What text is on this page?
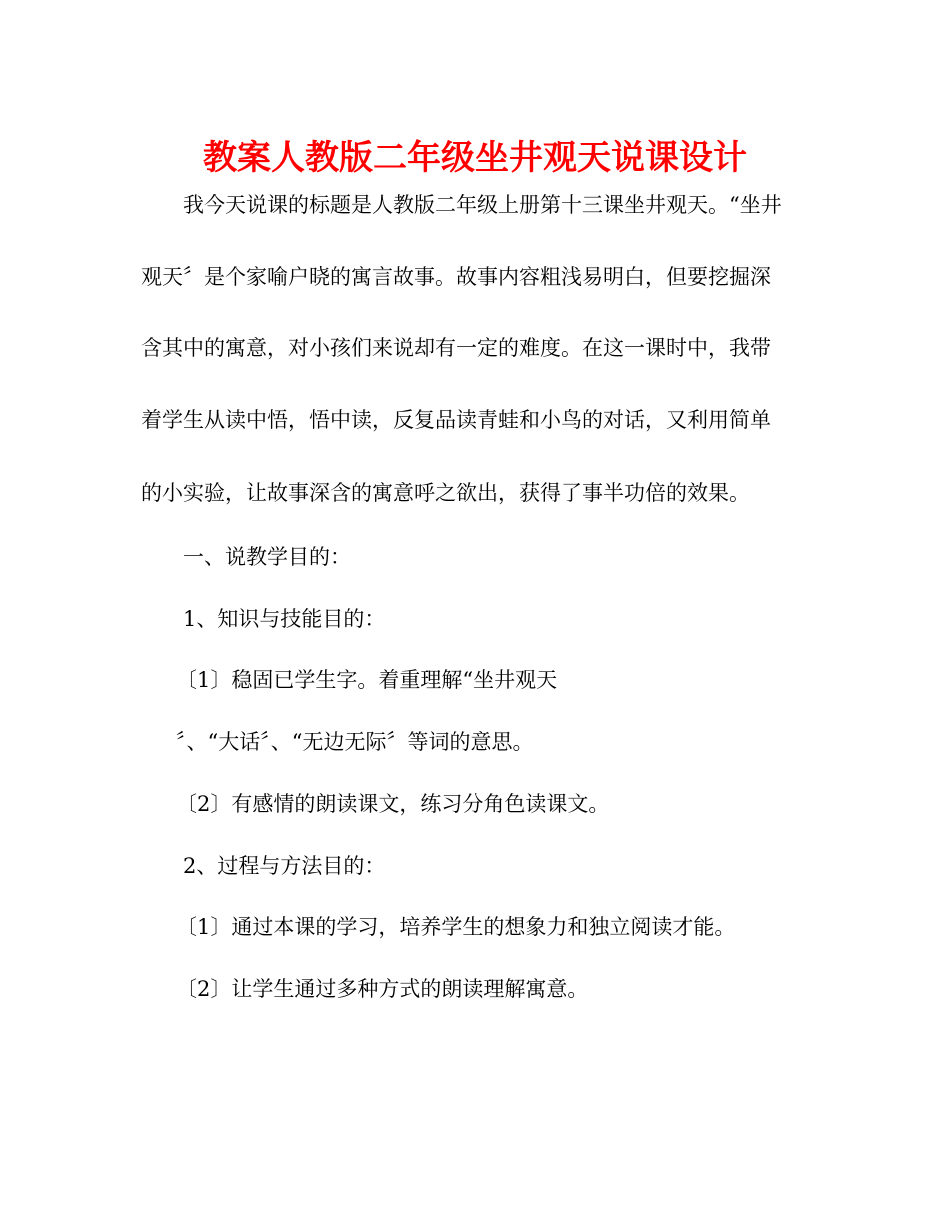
教案人教版二年级坐井观天说课设计

我今天说课的标题是人教版二年级上册第十三课坐井观天。“坐井

观天〞是个家喻户晓的寓言故事。故事内容粗浅易明白，但要挖掘深

含其中的寓意，对小孩们来说却有一定的难度。在这一课时中，我带

着学生从读中悟，悟中读，反复品读青蛙和小鸟的对话，又利用简单

的小实验，让故事深含的寓意呼之欲出，获得了事半功倍的效果。

一、说教学目的：

1、知识与技能目的：

〔1〕稳固已学生字。着重理解“坐井观天

〞、“大话〞、“无边无际〞等词的意思。

〔2〕有感情的朗读课文，练习分角色读课文。

2、过程与方法目的：

〔1〕通过本课的学习，培养学生的想象力和独立阅读才能。

〔2〕让学生通过多种方式的朗读理解寓意。
